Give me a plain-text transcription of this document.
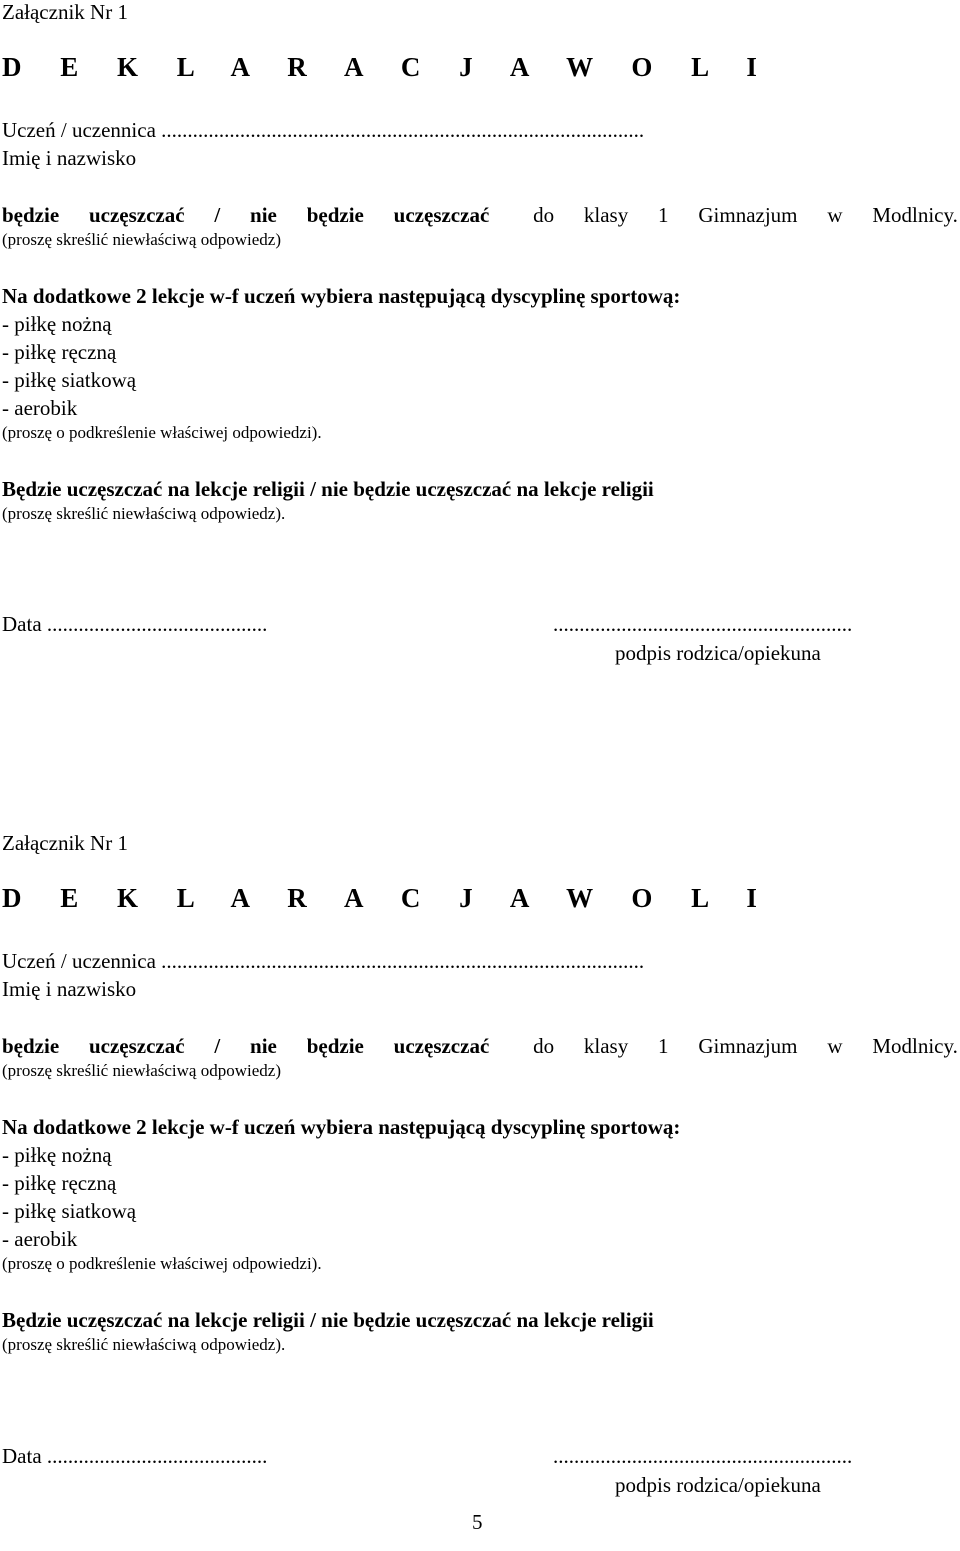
Załącznik Nr 1
D E K L A R A C J A W O L I
Uczeń / uczennica ............................................................................................
Imię i nazwisko
będzie uczęszczać / nie będzie uczęszczać do klasy 1 Gimnazjum w Modlnicy.
(proszę skreślić niewłaściwą odpowiedz)
Na dodatkowe 2 lekcje w-f uczeń wybiera następującą dyscyplinę sportową:
- piłkę nożną
- piłkę ręczną
- piłkę siatkową
- aerobik
(proszę o podkreślenie właściwej odpowiedzi).
Będzie uczęszczać na lekcje religii / nie będzie uczęszczać na lekcje religii
(proszę skreślić niewłaściwą odpowiedz).
Data ..........................................	.........................................................
podpis rodzica/opiekuna
Załącznik Nr 1
D E K L A R A C J A W O L I
Uczeń / uczennica ............................................................................................
Imię i nazwisko
będzie uczęszczać / nie będzie uczęszczać do klasy 1 Gimnazjum w Modlnicy.
(proszę skreślić niewłaściwą odpowiedz)
Na dodatkowe 2 lekcje w-f uczeń wybiera następującą dyscyplinę sportową:
- piłkę nożną
- piłkę ręczną
- piłkę siatkową
- aerobik
(proszę o podkreślenie właściwej odpowiedzi).
Będzie uczęszczać na lekcje religii / nie będzie uczęszczać na lekcje religii
(proszę skreślić niewłaściwą odpowiedz).
Data ..........................................	.........................................................
podpis rodzica/opiekuna
5
